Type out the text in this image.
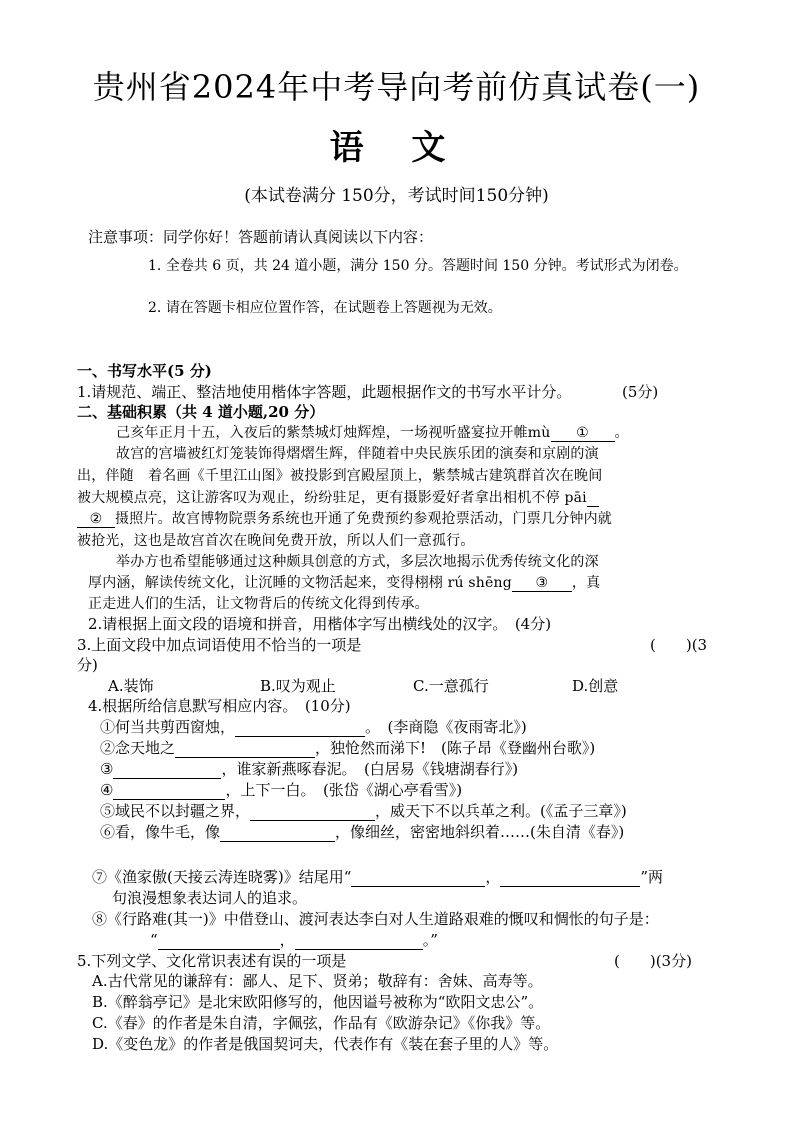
贵州省2024年中考导向考前仿真试卷(一)
语 文
(本试卷满分 150分，考试时间150分钟)
注意事项：同学你好！答题前请认真阅读以下内容：
1. 全卷共 6 页，共 24 道小题，满分 150 分。答题时间 150 分钟。考试形式为闭卷。
2. 请在答题卡相应位置作答，在试题卷上答题视为无效。
一、书写水平(5 分)
1.请规范、端正、整洁地使用楷体字答题，此题根据作文的书写水平计分。	(5分)
二、基础积累（共 4 道小题,20 分）
己亥年正月十五，入夜后的紫禁城灯烛辉煌，一场视听盛宴拉开帷mù ① 。
故宫的宫墙被红灯笼装饰得熠熠生辉，伴随着中央民族乐团的演奏和京剧的演
出，伴随　着名画《千里江山图》被投影到宫殿屋顶上，紫禁城古建筑群首次在晚间
被大规模点亮，这让游客叹为观止，纷纷驻足，更有摄影爱好者拿出相机不停 pāi
② 摄照片。故宫博物院票务系统也开通了免费预约参观抢票活动，门票几分钟内就
被抢光，这也是故宫首次在晚间免费开放，所以人们一意孤行。
举办方也希望能够通过这种颇具创意的方式，多层次地揭示优秀传统文化的深
厚内涵，解读传统文化，让沉睡的文物活起来，变得栩栩 rú shēng ③ ，真
正走进人们的生活，让文物背后的传统文化得到传承。
2.请根据上面文段的语境和拼音，用楷体字写出横线处的汉字。　(4分)
3.上面文段中加点词语使用不恰当的一项是	(　　)(3
分)
A.装饰	B.叹为观止	C.一意孤行	D.创意
4.根据所给信息默写相应内容。　(10分)
①何当共剪西窗烛，	。　(李商隐《夜雨寄北》)
②念天地之	，独怆然而涕下!　(陈子昂《登幽州台歌》)
③	，谁家新燕啄春泥。　(白居易《钱塘湖春行》)
④	，上下一白。　(张岱《湖心亭看雪》)
⑤域民不以封疆之界，	，威天下不以兵革之利。(《孟子三章》)
⑥看，像牛毛，像	，像细丝，密密地斜织着……(朱自清《春》)
⑦《渔家傲(天接云涛连晓雾)》结尾用“	，	”两
句浪漫想象表达词人的追求。
⑧《行路难(其一)》中借登山、渡河表达李白对人生道路艰难的慨叹和惆怅的句子是：
“	，	。”
5.下列文学、文化常识表述有误的一项是	(　　)(3分)
A.古代常见的谦辞有：鄙人、足下、贤弟；敬辞有：舍妹、高寿等。
B.《醉翁亭记》是北宋欧阳修写的，他因谥号被称为“欧阳文忠公”。
C.《春》的作者是朱自清，字佩弦，作品有《欧游杂记》《你我》等。
D.《变色龙》的作者是俄国契诃夫，代表作有《装在套子里的人》等。
